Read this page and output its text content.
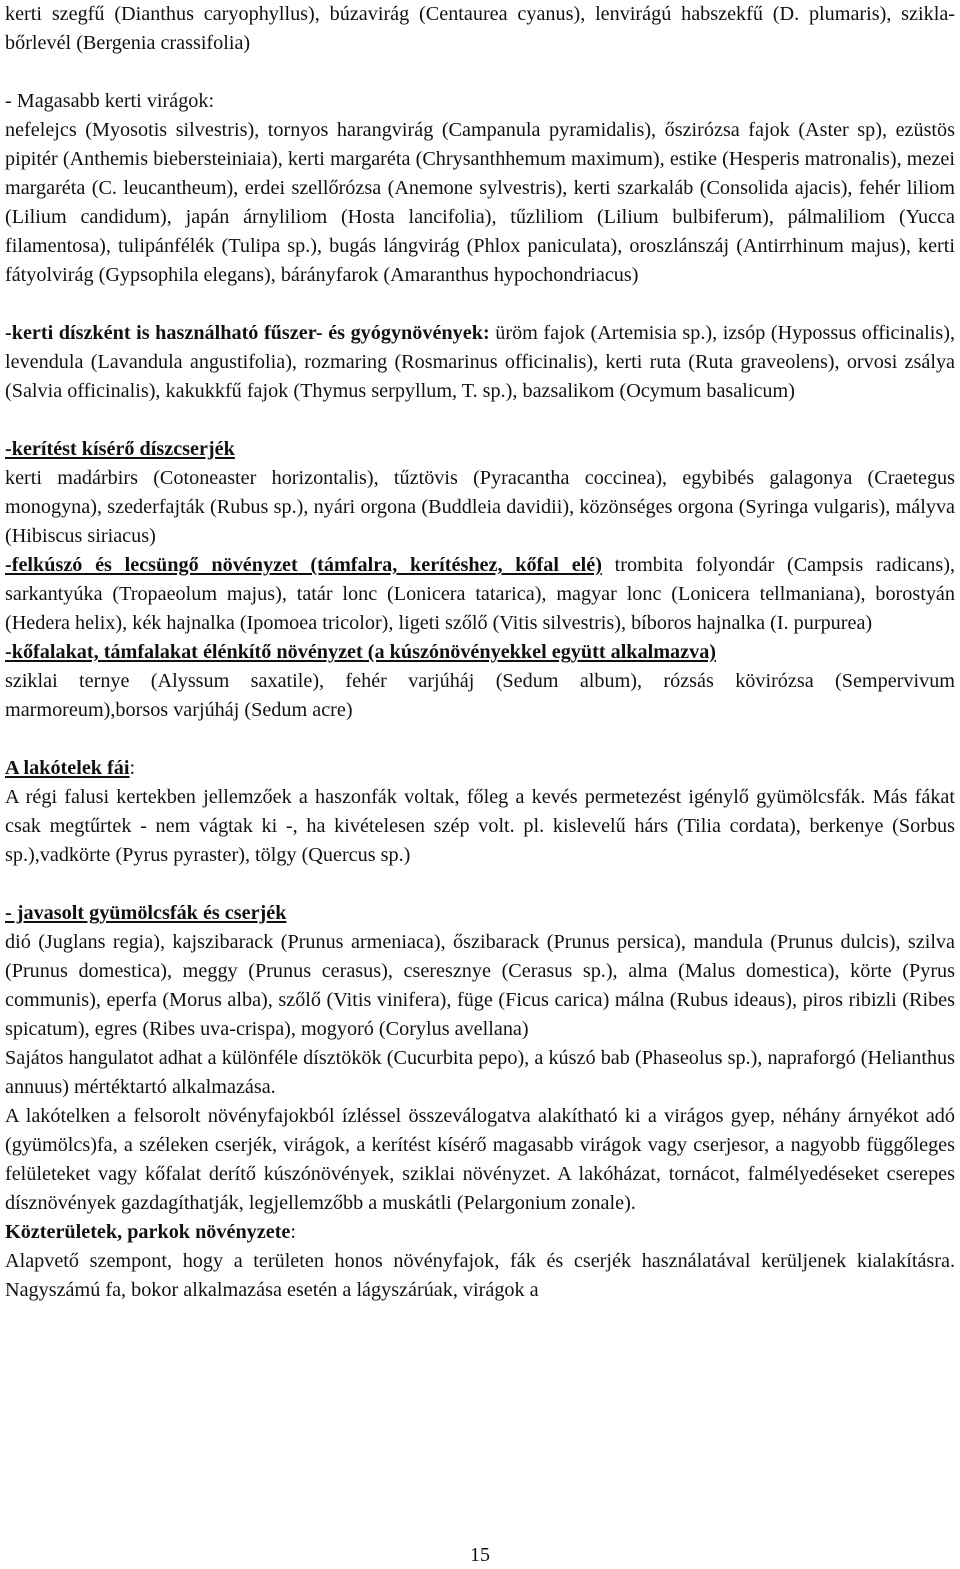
kerti szegfű (Dianthus caryophyllus), búzavirág (Centaurea cyanus), lenvirágú habszekfű (D. plumaris), szikla-bőrlevél (Bergenia crassifolia)

- Magasabb kerti virágok:

nefelejcs (Myosotis silvestris), tornyos harangvirág (Campanula pyramidalis), őszirózsa fajok (Aster sp), ezüstös pipitér (Anthemis biebersteiniaia), kerti margaréta (Chrysanthhemum maximum), estike (Hesperis matronalis), mezei margaréta (C. leucantheum), erdei szellőrózsa (Anemone sylvestris), kerti szarkaláb (Consolida ajacis), fehér liliom (Lilium candidum), japán árnyliliom (Hosta lancifolia), tűzliliom (Lilium bulbiferum), pálmaliliom (Yucca filamentosa), tulipánfélék (Tulipa sp.), bugás lángvirág (Phlox paniculata), oroszlánszáj (Antirrhinum majus), kerti fátyolvirág (Gypsophila elegans), bárányfarok (Amaranthus hypochondriacus)

-kerti díszként is használható fűszer- és gyógynövények: üröm fajok (Artemisia sp.), izsóp (Hypossus officinalis), levendula (Lavandula angustifolia), rozmaring (Rosmarinus officinalis), kerti ruta (Ruta graveolens), orvosi zsálya (Salvia officinalis), kakukkfű fajok (Thymus serpyllum, T. sp.), bazsalikom (Ocymum basalicum)

-kerítést kísérő díszcserjék

kerti madárbirs (Cotoneaster horizontalis), tűztövis (Pyracantha coccinea), egybibés galagonya (Craetegus monogyna), szederfajták (Rubus sp.), nyári orgona (Buddleia davidii), közönséges orgona (Syringa vulgaris), mályva (Hibiscus siriacus)

-felkúszó és lecsüngő növényzet (támfalra, kerítéshez, kőfal elé) trombita folyondár (Campsis radicans), sarkantyúka (Tropaeolum majus), tatár lonc (Lonicera tatarica), magyar lonc (Lonicera tellmaniana), borostyán (Hedera helix), kék hajnalka (Ipomoea tricolor), ligeti szőlő (Vitis silvestris), bíboros hajnalka (I. purpurea)

-kőfalakat, támfalakat élénkítő növényzet (a kúszónövényekkel együtt alkalmazva)

sziklai ternye (Alyssum saxatile), fehér varjúháj (Sedum album), rózsás kövirózsa (Sempervivum marmoreum),borsos varjúháj (Sedum acre)

A lakótelek fái:

A régi falusi kertekben jellemzőek a haszonfák voltak, főleg a kevés permetezést igénylő gyümölcsfák. Más fákat csak megtűrtek - nem vágtak ki -, ha kivételesen szép volt. pl. kislevelű hárs (Tilia cordata), berkenye (Sorbus sp.),vadkörte (Pyrus pyraster), tölgy (Quercus sp.)

- javasolt gyümölcsfák és cserjék

dió (Juglans regia), kajszibarack (Prunus armeniaca), őszibarack (Prunus persica), mandula (Prunus dulcis), szilva (Prunus domestica), meggy (Prunus cerasus), cseresznye (Cerasus sp.), alma (Malus domestica), körte (Pyrus communis), eperfa (Morus alba), szőlő (Vitis vinifera), füge (Ficus carica) málna (Rubus ideaus), piros ribizli (Ribes spicatum), egres (Ribes uva-crispa), mogyoró (Corylus avellana)

Sajátos hangulatot adhat a különféle dísztökök (Cucurbita pepo), a kúszó bab (Phaseolus sp.), napraforgó (Helianthus annuus) mértéktartó alkalmazása.

A lakótelken a felsorolt növényfajokból ízléssel összeválogatva alakítható ki a virágos gyep, néhány árnyékot adó (gyümölcs)fa, a széleken cserjék, virágok, a kerítést kísérő magasabb virágok vagy cserjesor, a nagyobb függőleges felületeket vagy kőfalat derítő kúszónövények, sziklai növényzet. A lakóházat, tornácot, falmélyedéseket cserepes dísznövények gazdagíthatják, legjellemzőbb a muskátli (Pelargonium zonale).

Közterületek, parkok növényzete:

Alapvető szempont, hogy a területen honos növényfajok, fák és cserjék használatával kerüljenek kialakításra. Nagyszámú fa, bokor alkalmazása esetén a lágyszárúak, virágok a

15
